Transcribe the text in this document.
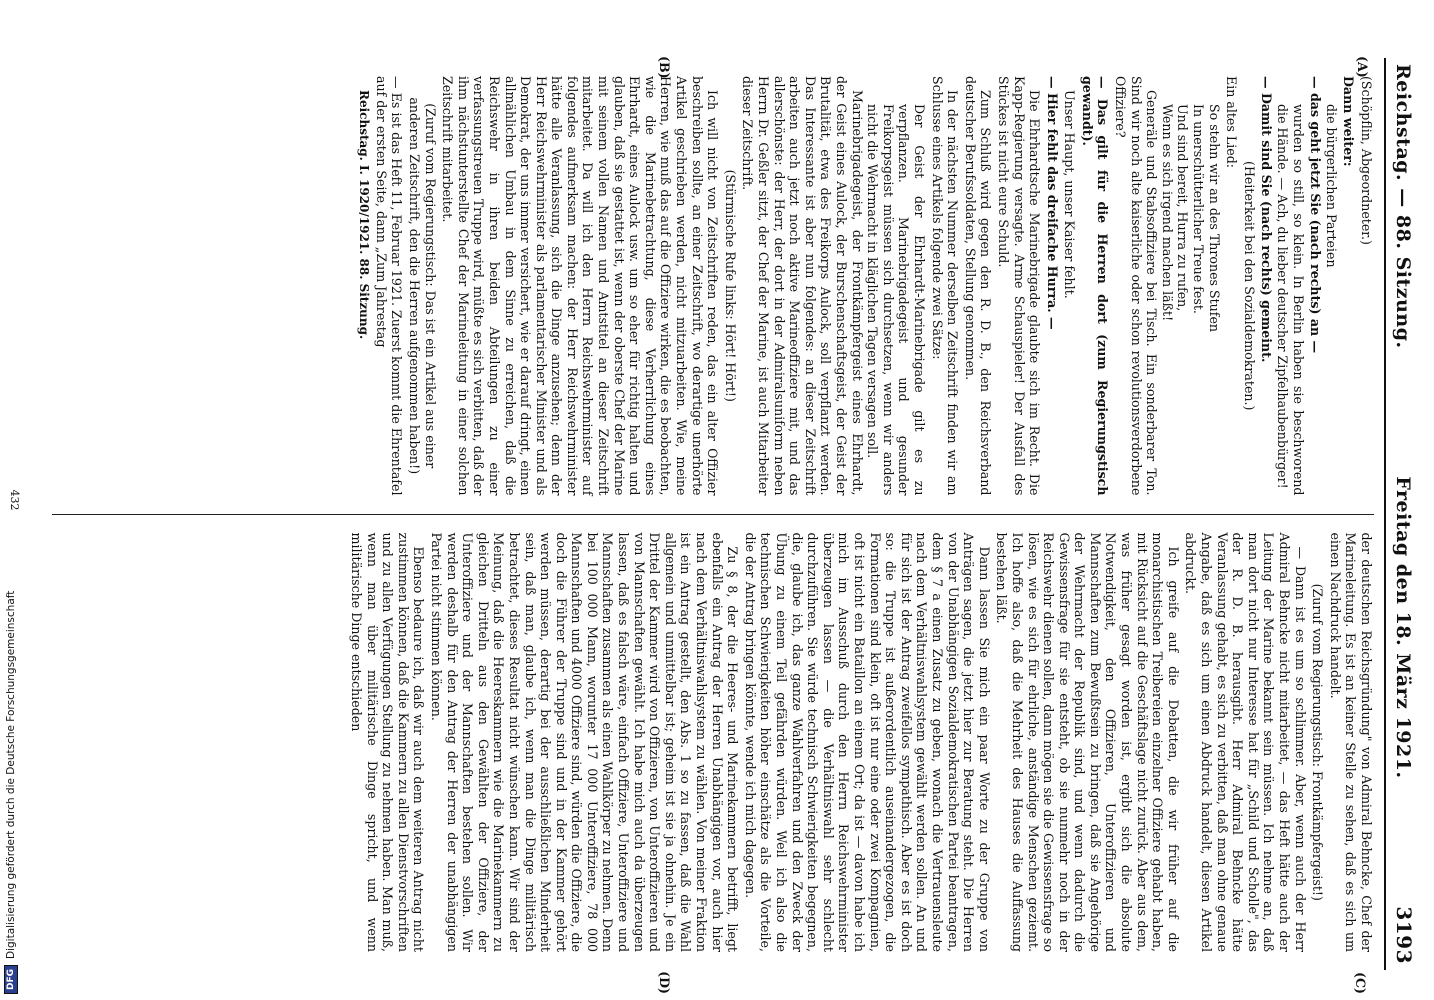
Reichstag. — 88. Sitzung.
Freitag den 18. März 1921.
3193
(A)
(B)

(Schöpflin, Abgeordneter.)

Dann weiter:

die bürgerlichen Parteien

— das geht jetzt Sie (nach rechts) an —

wurden so still, so klein. In Berlin haben sie beschworend die Hände. — Ach, du lieber deutscher Zipfelhaubenbürger!

— Damit sind Sie (nach rechts) gemeint.

(Heiterkeit bei den Sozialdemokraten.)

Ein altes Lied:

So stehn wir an des Thrones Stufen

In unerschütterlicher Treue fest.

Und sind bereit, Hurra zu rufen,

Wenn es sich irgend machen läßt!

Generäle und Stabsoffiziere bei Tisch. Ein sonderbarer Ton. Sind wir noch alte kaiserliche oder schon revolutionsverdorbene Offiziere?

— Das gilt für die Herren dort (zum Regierungstisch gewandt).

Unser Haupt, unser Kaiser fehlt.

— Hier fehlt das dreifache Hurra. —

Die Ehrhardtsche Marinebrigade glaubte sich im Recht. Die Kapp-Regierung versagte. Arme Schauspieler! Der Ausfall des Stückes ist nicht eure Schuld.

Zum Schluß wird gegen den R. D. B., den Reichsverband deutscher Berufssoldaten, Stellung genommen.

In der nächsten Nummer derselben Zeitschrift finden wir am Schlusse eines Artikels folgende zwei Sätze:

Der Geist der Ehrhardt-Marinebrigade gilt es zu verpflanzen. Marinebrigadegeist und gesunder Freikorpsgeist müssen sich durchsetzen, wenn wir anders nicht die Wehrmacht in kläglichen Tagen versagen soll.

Marinebrigadegeist, der Frontkämpfergeist eines Ehrhardt, der Geist eines Aulock, der Burschenschaftsgeist, der Geist der Brutalität, etwa des Freikorps Aulock, soll verpflanzt werden. Das Interessante ist aber nun folgendes: an dieser Zeitschrift arbeiten auch jetzt noch aktive Marineoffiziere mit, und das allerschönste: der Herr, der dort in der Admiralsuniform neben Herrn Dr. Geßler sitzt, der Chef der Marine, ist auch Mitarbeiter dieser Zeitschrift.

(Stürmische Rufe links: Hört! Hört!)

Ich will nicht von Zeitschriften reden, das ein alter Offizier beschreiben sollte, an einer Zeitschrift, wo derartige unerhörte Artikel geschrieben werden, nicht mitzuarbeiten. Wie, meine Herren, wie muß das auf die Offiziere wirken, die es beobachten, wie die Marinebetrachtung, diese Verherrlichung eines Ehrhardt, eines Aulock usw. um so eher für richtig halten und glauben, daß sie gestattet ist, wenn der oberste Chef der Marine mit seinem vollen Namen und Amtstitel an dieser Zeitschrift mitarbeitet. Da will ich den Herrn Reichswehrminister auf folgendes aufmerksam machen: der Herr Reichswehrminister hätte alle Veranlassung, sich die Dinge anzusehen; denn der Herr Reichswehrminister als parlamentarischer Minister und als Demokrat, der uns immer versichert, wie er darauf dringt, einen allmählichen Umbau in dem Sinne zu erreichen, daß die Reichswehr in ihren beiden Abteilungen zu einer verfassungstreuen Truppe wird, müßte es sich verbitten, daß der ihm nächstunterstellte Chef der Marineleitung in einer solchen Zeitschrift mitarbeitet.

(Zuruf vom Regierungstisch: Das ist ein Artikel aus einer anderen Zeitschrift, den die Herren aufgenommen haben!)

— Es ist das Heft 11, Februar 1921. Zuerst kommt die Ehrentafel auf der ersten Seite, dann „Zum Jahrestag

Reichstag. I. 1920/1921. 88. Sitzung.

(C)
(D)

der deutschen Reichsgründung" von Admiral Behncke, Chef der Marineleitung. Es ist an keiner Stelle zu sehen, daß es sich um einen Nachdruck handelt.

(Zuruf vom Regierungstisch: Frontkämpfergeist!)

— Dann ist es um so schlimmer. Aber, wenn auch der Herr Admiral Behncke nicht mitarbeitet, — das Heft hätte auch der Leitung der Marine bekannt sein müssen. Ich nehme an, daß man dort nicht nur Interesse hat für „Schild und Scholle", das der R. D. B. herausgibt. Herr Admiral Behncke hätte Veranlassung gehabt, es sich zu verbitten, daß man ohne genaue Angabe, daß es sich um einen Abdruck handelt, diesen Artikel abdruckt.

Ich greife auf die Debatten, die wir früher auf die monarchistischen Treibereien einzelner Offiziere gehabt haben, mit Rücksicht auf die Geschäftslage nicht zurück. Aber aus dem, was früher gesagt worden ist, ergibt sich die absolute Notwendigkeit, den Offizieren, Unteroffizieren und Mannschaften zum Bewußtsein zu bringen, daß sie Angehörige der Wehrmacht der Republik sind, und wenn dadurch die Gewissensfrage für sie entsteht, ob sie nunmehr noch in der Reichswehr dienen sollen, dann mögen sie die Gewissensfrage so lösen, wie es sich für ehrliche, anständige Menschen geziemt. Ich hoffe also, daß die Mehrheit des Hauses die Auffassung bestehen läßt.

Dann lassen Sie mich ein paar Worte zu der Gruppe von Anträgen sagen, die jetzt hier zur Beratung steht. Die Herren von der Unabhängigen Sozialdemokratischen Partei beantragen, dem § 7 a einen Zusatz zu geben, wonach die Vertrauensleute nach dem Verhältniswahlsystem gewählt werden sollen. An und für sich ist der Antrag zweifellos sympathisch. Aber es ist doch so: die Truppe ist außerordentlich auseinandergezogen, die Formationen sind klein, oft ist nur eine oder zwei Kompagnien, oft ist nicht ein Bataillon an einem Ort; da ist — davon habe ich mich im Ausschuß durch den Herrn Reichswehrminister überzeugen lassen — die Verhältniswahl sehr schlecht durchzuführen. Sie würde technisch Schwierigkeiten begegnen, die, glaube ich, das ganze Wahlverfahren und den Zweck der Übung zu einem Teil gefährden würden. Weil ich also die technischen Schwierigkeiten höher einschätze als die Vorteile, die der Antrag bringen könnte, wende ich mich dagegen.

Zu § 8, der die Heeres- und Marinekammern betrifft, liegt ebenfalls ein Antrag der Herren Unabhängigen vor, auch hier nach dem Verhältniswahlsystem zu wählen. Von meiner Fraktion ist ein Antrag gestellt, den Abs. 1 so zu fassen, daß die Wahl allgemein und unmittelbar ist; geheim ist sie ja ohnehin. Je ein Drittel der Kammer wird von Offizieren, von Unteroffizieren und von Mannschaften gewählt. Ich habe mich auch da überzeugen lassen, daß es falsch wäre, einfach Offiziere, Unteroffiziere und Mannschaften zusammen als einen Wahlkörper zu nehmen. Denn bei 100 000 Mann, worunter 17 000 Unteroffiziere, 78 000 Mannschaften und 4000 Offiziere sind, würden die Offiziere, die doch die Führer der Truppe sind und in der Kammer gehört werden müssen, derartig bei der ausschließlichen Minderheit sein, daß man, glaube ich, wenn man die Dinge militärisch betrachtet, dieses Resultat nicht wünschen kann. Wir sind der Meinung, daß die Heereskammern wie die Marinekammern zu gleichen Dritteln aus den Gewählten der Offiziere, der Unteroffiziere und der Mannschaften bestehen sollen. Wir werden deshalb für den Antrag der Herren der unabhängigen Partei nicht stimmen können.

Ebenso bedaure ich, daß wir auch dem weiteren Antrag nicht zustimmen können, daß die Kammern zu allen Dienstvorschriften und zu allen Verfügungen Stellung zu nehmen haben. Man muß, wenn man über militärische Dinge spricht, und wenn militärische Dinge entschieden

432
DFG
Digitalisierung gefördert durch die Deutsche Forschungsgemeinschaft
